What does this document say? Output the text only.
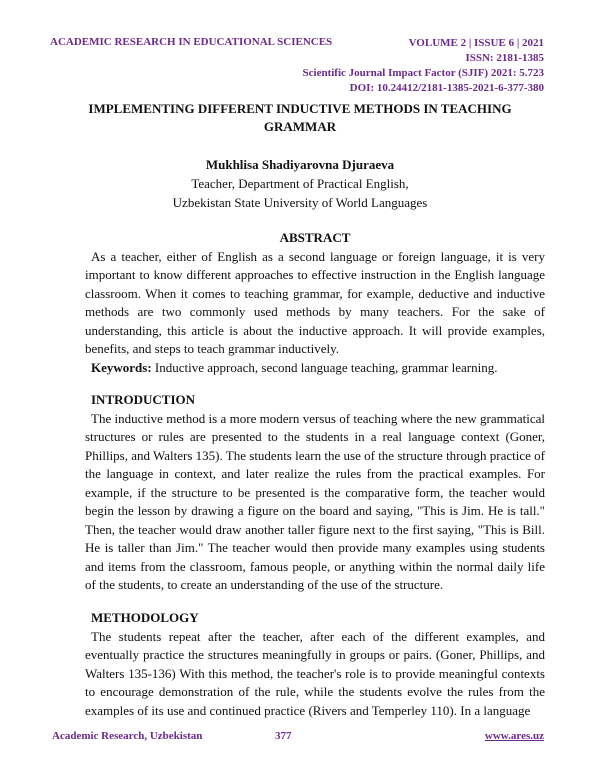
ACADEMIC RESEARCH IN EDUCATIONAL SCIENCES	VOLUME 2 | ISSUE 6 | 2021
ISSN: 2181-1385
Scientific Journal Impact Factor (SJIF) 2021: 5.723
DOI: 10.24412/2181-1385-2021-6-377-380
IMPLEMENTING DIFFERENT INDUCTIVE METHODS IN TEACHING GRAMMAR
Mukhlisa Shadiyarovna Djuraeva
Teacher, Department of Practical English,
Uzbekistan State University of World Languages
ABSTRACT

As a teacher, either of English as a second language or foreign language, it is very important to know different approaches to effective instruction in the English language classroom. When it comes to teaching grammar, for example, deductive and inductive methods are two commonly used methods by many teachers. For the sake of understanding, this article is about the inductive approach. It will provide examples, benefits, and steps to teach grammar inductively.

Keywords: Inductive approach, second language teaching, grammar learning.

INTRODUCTION

The inductive method is a more modern versus of teaching where the new grammatical structures or rules are presented to the students in a real language context (Goner, Phillips, and Walters 135). The students learn the use of the structure through practice of the language in context, and later realize the rules from the practical examples. For example, if the structure to be presented is the comparative form, the teacher would begin the lesson by drawing a figure on the board and saying, "This is Jim. He is tall." Then, the teacher would draw another taller figure next to the first saying, "This is Bill. He is taller than Jim." The teacher would then provide many examples using students and items from the classroom, famous people, or anything within the normal daily life of the students, to create an understanding of the use of the structure.

METHODOLOGY

The students repeat after the teacher, after each of the different examples, and eventually practice the structures meaningfully in groups or pairs. (Goner, Phillips, and Walters 135-136) With this method, the teacher's role is to provide meaningful contexts to encourage demonstration of the rule, while the students evolve the rules from the examples of its use and continued practice (Rivers and Temperley 110). In a language

Academic Research, Uzbekistan	377	www.ares.uz
